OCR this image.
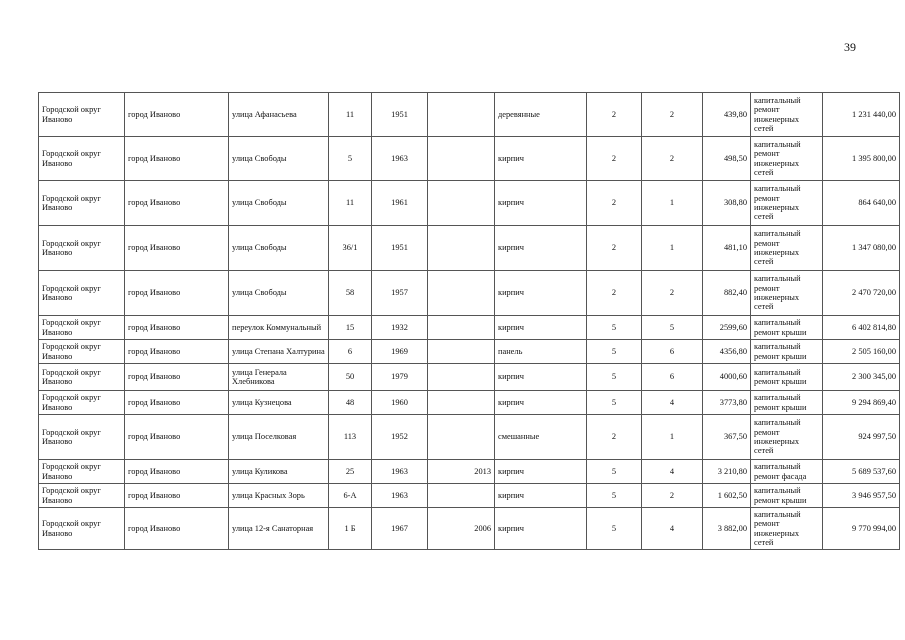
39
Городской округ Иваново	город Иваново	улица Афанасьева	11	1951		деревянные	2	2	439,80	капитальный ремонт инженерных сетей	1 231 440,00
Городской округ Иваново	город Иваново	улица Свободы	5	1963		кирпич	2	2	498,50	капитальный ремонт инженерных сетей	1 395 800,00
Городской округ Иваново	город Иваново	улица Свободы	11	1961		кирпич	2	1	308,80	капитальный ремонт инженерных сетей	864 640,00
Городской округ Иваново	город Иваново	улица Свободы	36/1	1951		кирпич	2	1	481,10	капитальный ремонт инженерных сетей	1 347 080,00
Городской округ Иваново	город Иваново	улица Свободы	58	1957		кирпич	2	2	882,40	капитальный ремонт инженерных сетей	2 470 720,00
Городской округ Иваново	город Иваново	переулок Коммунальный	15	1932		кирпич	5	5	2599,60	капитальный ремонт крыши	6 402 814,80
Городской округ Иваново	город Иваново	улица Степана Халтурина	6	1969		панель	5	6	4356,80	капитальный ремонт крыши	2 505 160,00
Городской округ Иваново	город Иваново	улица Генерала Хлебникова	50	1979		кирпич	5	6	4000,60	капитальный ремонт крыши	2 300 345,00
Городской округ Иваново	город Иваново	улица Кузнецова	48	1960		кирпич	5	4	3773,80	капитальный ремонт крыши	9 294 869,40
Городской округ Иваново	город Иваново	улица Поселковая	113	1952		смешанные	2	1	367,50	капитальный ремонт инженерных сетей	924 997,50
Городской округ Иваново	город Иваново	улица Куликова	25	1963	2013	кирпич	5	4	3 210,80	капитальный ремонт фасада	5 689 537,60
Городской округ Иваново	город Иваново	улица Красных Зорь	6-А	1963		кирпич	5	2	1 602,50	капитальный ремонт крыши	3 946 957,50
Городской округ Иваново	город Иваново	улица 12-я Санаторная	1 Б	1967	2006	кирпич	5	4	3 882,00	капитальный ремонт инженерных сетей	9 770 994,00
